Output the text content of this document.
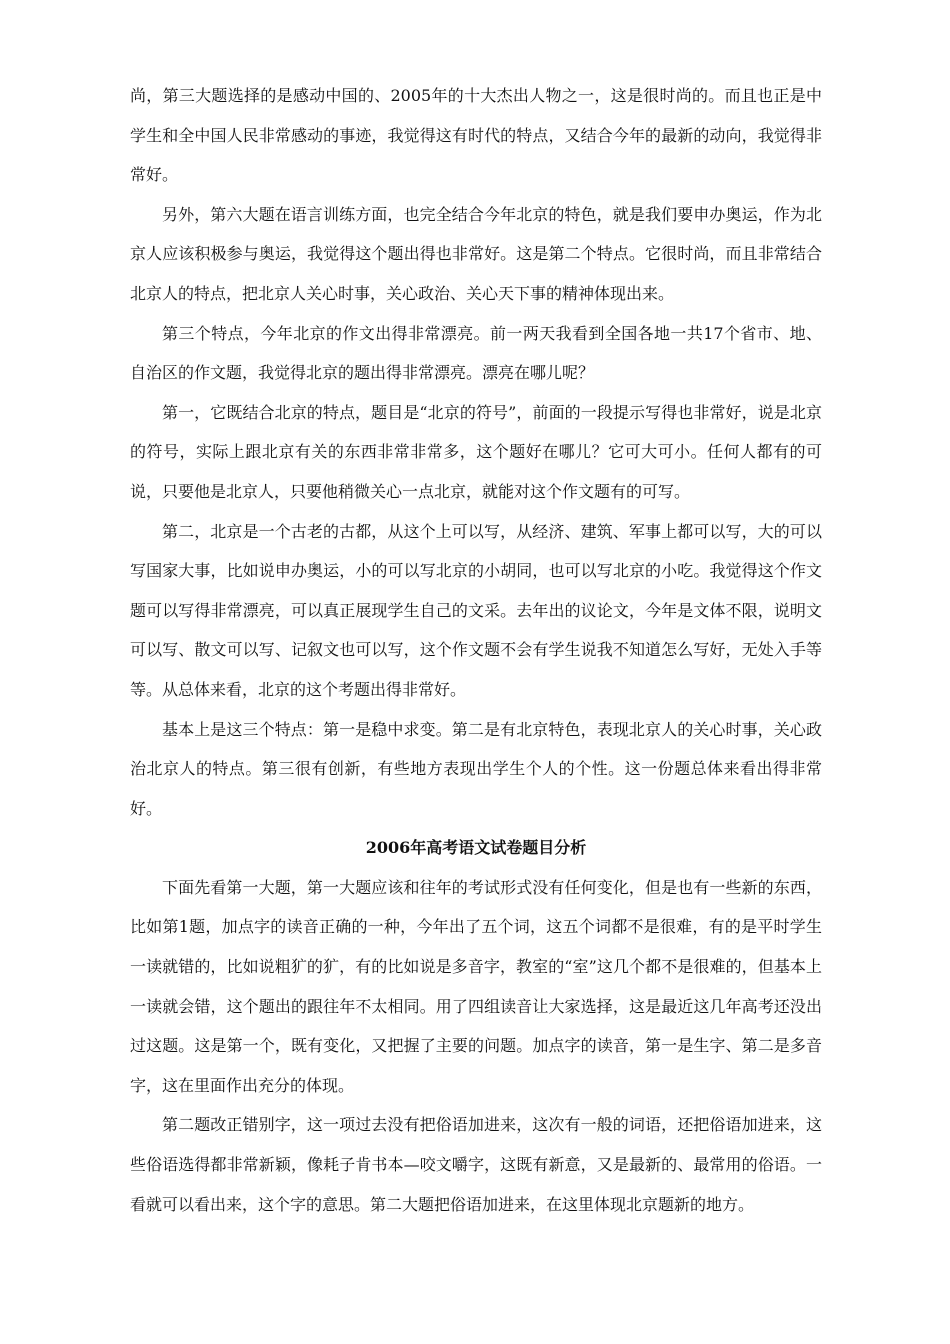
尚，第三大题选择的是感动中国的、2005年的十大杰出人物之一，这是很时尚的。而且也正是中学生和全中国人民非常感动的事迹，我觉得这有时代的特点，又结合今年的最新的动向，我觉得非常好。

另外，第六大题在语言训练方面，也完全结合今年北京的特色，就是我们要申办奥运，作为北京人应该积极参与奥运，我觉得这个题出得也非常好。这是第二个特点。它很时尚，而且非常结合北京人的特点，把北京人关心时事，关心政治、关心天下事的精神体现出来。

第三个特点，今年北京的作文出得非常漂亮。前一两天我看到全国各地一共17个省市、地、自治区的作文题，我觉得北京的题出得非常漂亮。漂亮在哪儿呢？

第一，它既结合北京的特点，题目是“北京的符号”，前面的一段提示写得也非常好，说是北京的符号，实际上跟北京有关的东西非常非常多，这个题好在哪儿？它可大可小。任何人都有的可说，只要他是北京人，只要他稍微关心一点北京，就能对这个作文题有的可写。

第二，北京是一个古老的古都，从这个上可以写，从经济、建筑、军事上都可以写，大的可以写国家大事，比如说申办奥运，小的可以写北京的小胡同，也可以写北京的小吃。我觉得这个作文题可以写得非常漂亮，可以真正展现学生自己的文采。去年出的议论文，今年是文体不限，说明文可以写、散文可以写、记叙文也可以写，这个作文题不会有学生说我不知道怎么写好，无处入手等等。从总体来看，北京的这个考题出得非常好。

基本上是这三个特点：第一是稳中求变。第二是有北京特色，表现北京人的关心时事，关心政治北京人的特点。第三很有创新，有些地方表现出学生个人的个性。这一份题总体来看出得非常好。

2006年高考语文试卷题目分析

下面先看第一大题，第一大题应该和往年的考试形式没有任何变化，但是也有一些新的东西，比如第1题，加点字的读音正确的一种，今年出了五个词，这五个词都不是很难，有的是平时学生一读就错的，比如说粗犷的犷，有的比如说是多音字，教室的“室”这几个都不是很难的，但基本上一读就会错，这个题出的跟往年不太相同。用了四组读音让大家选择，这是最近这几年高考还没出过这题。这是第一个，既有变化，又把握了主要的问题。加点字的读音，第一是生字、第二是多音字，这在里面作出充分的体现。

第二题改正错别字，这一项过去没有把俗语加进来，这次有一般的词语，还把俗语加进来，这些俗语选得都非常新颖，像耗子肯书本—咬文嚼字，这既有新意，又是最新的、最常用的俗语。一看就可以看出来，这个字的意思。第二大题把俗语加进来，在这里体现北京题新的地方。
